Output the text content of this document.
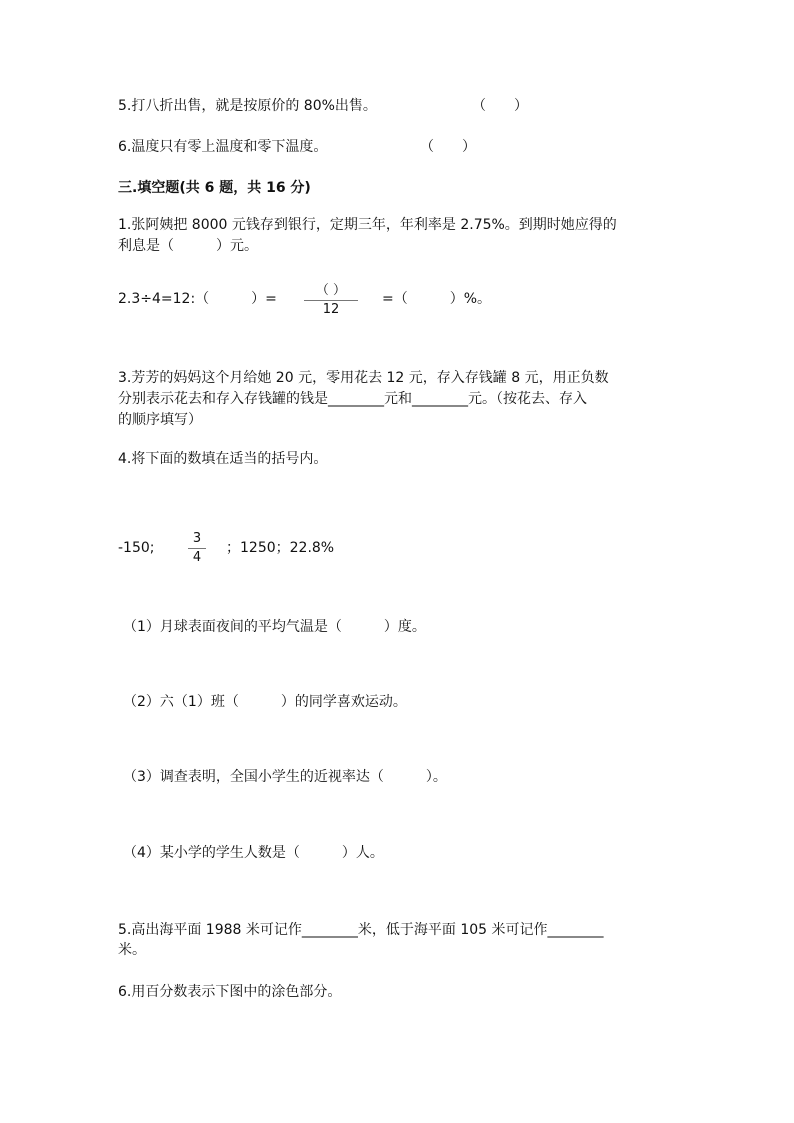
5.打八折出售，就是按原价的 80%出售。	（　　）
6.温度只有零上温度和零下温度。	（　　）
三.填空题(共 6 题，共 16 分)
1.张阿姨把 8000 元钱存到银行，定期三年，年利率是 2.75%。到期时她应得的
利息是（　　　）元。
2.3÷4=12:（　　　）=
（ ）
12
=（　　　）%。
3.芳芳的妈妈这个月给她 20 元，零用花去 12 元，存入存钱罐 8 元，用正负数
分别表示花去和存入存钱罐的钱是________元和________元。（按花去、存入
的顺序填写）
4.将下面的数填在适当的括号内。
-150;
3
4
；1250；22.8%
（1）月球表面夜间的平均气温是（　　　）度。
（2）六（1）班（　　　）的同学喜欢运动。
（3）调查表明，全国小学生的近视率达（　　　）。
（4）某小学的学生人数是（　　　）人。
5.高出海平面 1988 米可记作________米，低于海平面 105 米可记作________
米。
6.用百分数表示下图中的涂色部分。
